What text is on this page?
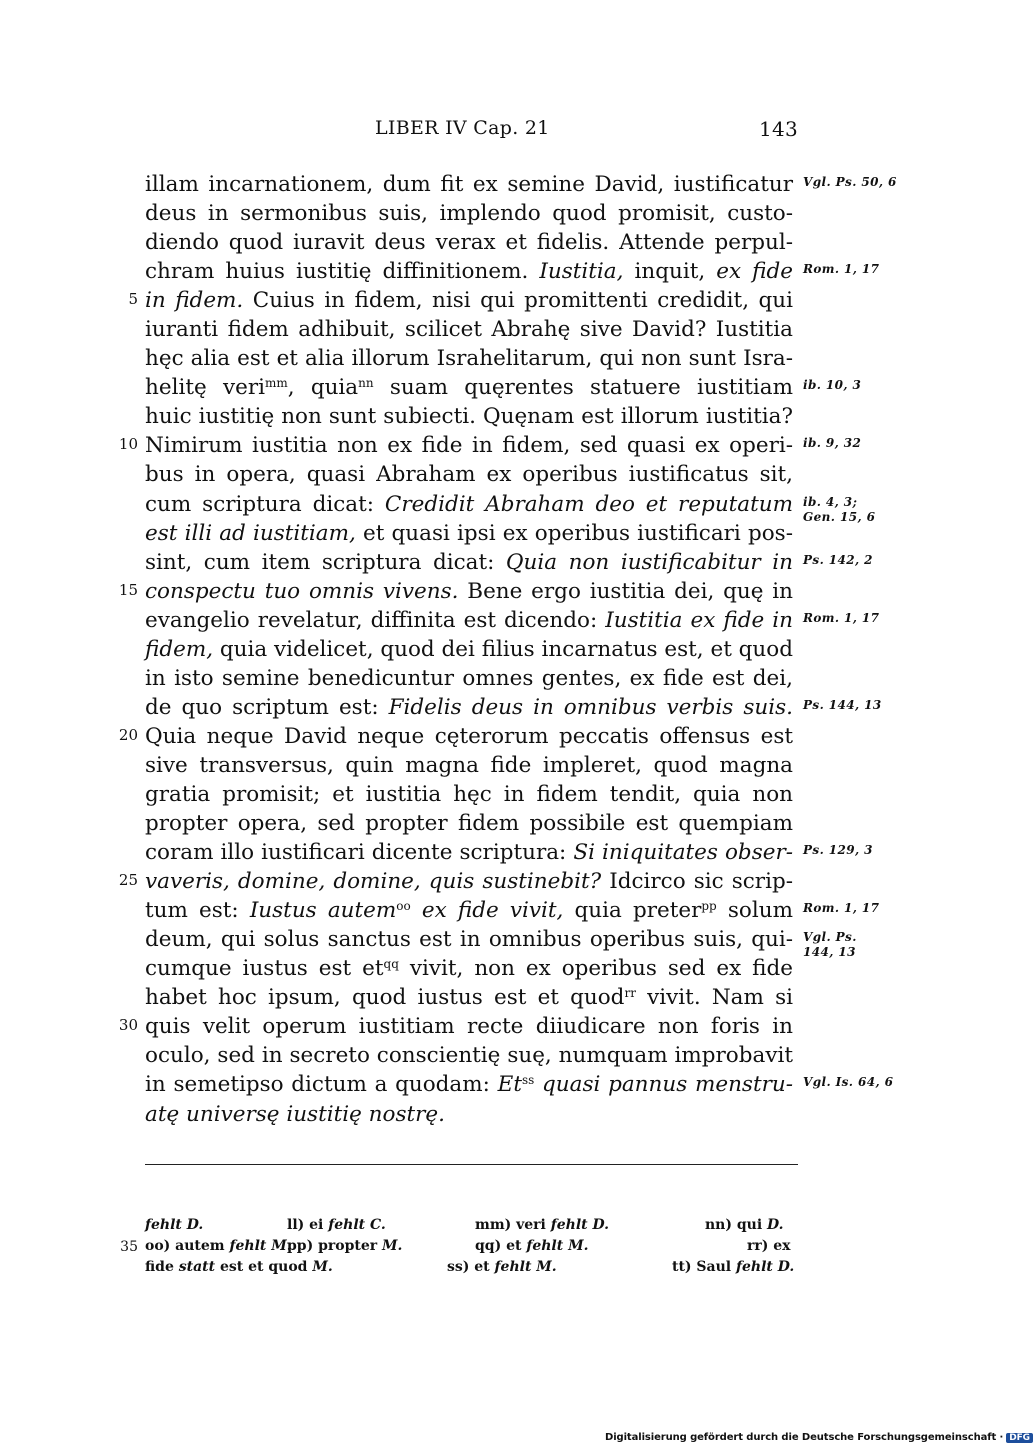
LIBER IV Cap. 21	143
illam incarnationem, dum fit ex semine David, iustificatur Vgl. Ps. 50, 6
deus in sermonibus suis, implendo quod promisit, custo-
diendo quod iuravit deus verax et fidelis. Attende perpul-
chram huius iustitię diffinitionem. Iustitia, inquit, ex fide Rom. 1, 17
5 in fidem. Cuius in fidem, nisi qui promittenti credidit, qui
iuranti fidem adhibuit, scilicet Abrahę sive David? Iustitia
hęc alia est et alia illorum Israhelitarum, qui non sunt Isra-
helitę veri$^{mm}$, quia$^{nn}$ suam quęrentes statuere iustitiam ib. 10, 3
huic iustitię non sunt subiecti. Quęnam est illorum iustitia?
10 Nimirum iustitia non ex fide in fidem, sed quasi ex operi- ib. 9, 32
bus in opera, quasi Abraham ex operibus iustificatus sit,
cum scriptura dicat: Credidit Abraham deo et reputatum ib. 4, 3;
Gen. 15, 6
est illi ad iustitiam, et quasi ipsi ex operibus iustificari pos-
sint, cum item scriptura dicat: Quia non iustificabitur in Ps. 142, 2
15 conspectu tuo omnis vivens. Bene ergo iustitia dei, quę in
evangelio revelatur, diffinita est dicendo: Iustitia ex fide in Rom. 1, 17
fidem, quia videlicet, quod dei filius incarnatus est, et quod
in isto semine benedicuntur omnes gentes, ex fide est dei,
de quo scriptum est: Fidelis deus in omnibus verbis suis. Ps. 144, 13
20 Quia neque David neque cęterorum peccatis offensus est
sive transversus, quin magna fide impleret, quod magna
gratia promisit; et iustitia hęc in fidem tendit, quia non
propter opera, sed propter fidem possibile est quempiam
coram illo iustificari dicente scriptura: Si iniquitates obser- Ps. 129, 3
25 vaveris, domine, domine, quis sustinebit? Idcirco sic scrip-
tum est: Iustus autem$^{oo}$ ex fide vivit, quia preter$^{pp}$ solum Rom. 1, 17
deum, qui solus sanctus est in omnibus operibus suis, qui- Vgl. Ps.
144, 13
cumque iustus est $et^{qq}$ vivit, non ex operibus sed ex fide
habet hoc ipsum, quod iustus est et quod$^{rr}$ vivit. Nam si
30 quis velit operum iustitiam recte diiudicare non foris in
oculo, sed in secreto conscientię suę, numquam improbavit
in semetipso dictum a quodam: $Et^{ss}$ quasi pannus menstru- Vgl. Is. 64, 6
atę universę iustitię nostrę.
fehlt D.	ll) ei fehlt C.	mm) veri fehlt D.	nn) qui D.
35 oo) autem fehlt M.
pp) propter M.	qq) et fehlt M.	rr) ex
fide statt est et quod M.	ss) et fehlt M.	tt) Saul fehlt D.
Digitalisierung gefördert durch die Deutsche Forschungsgemeinschaft · DFG
